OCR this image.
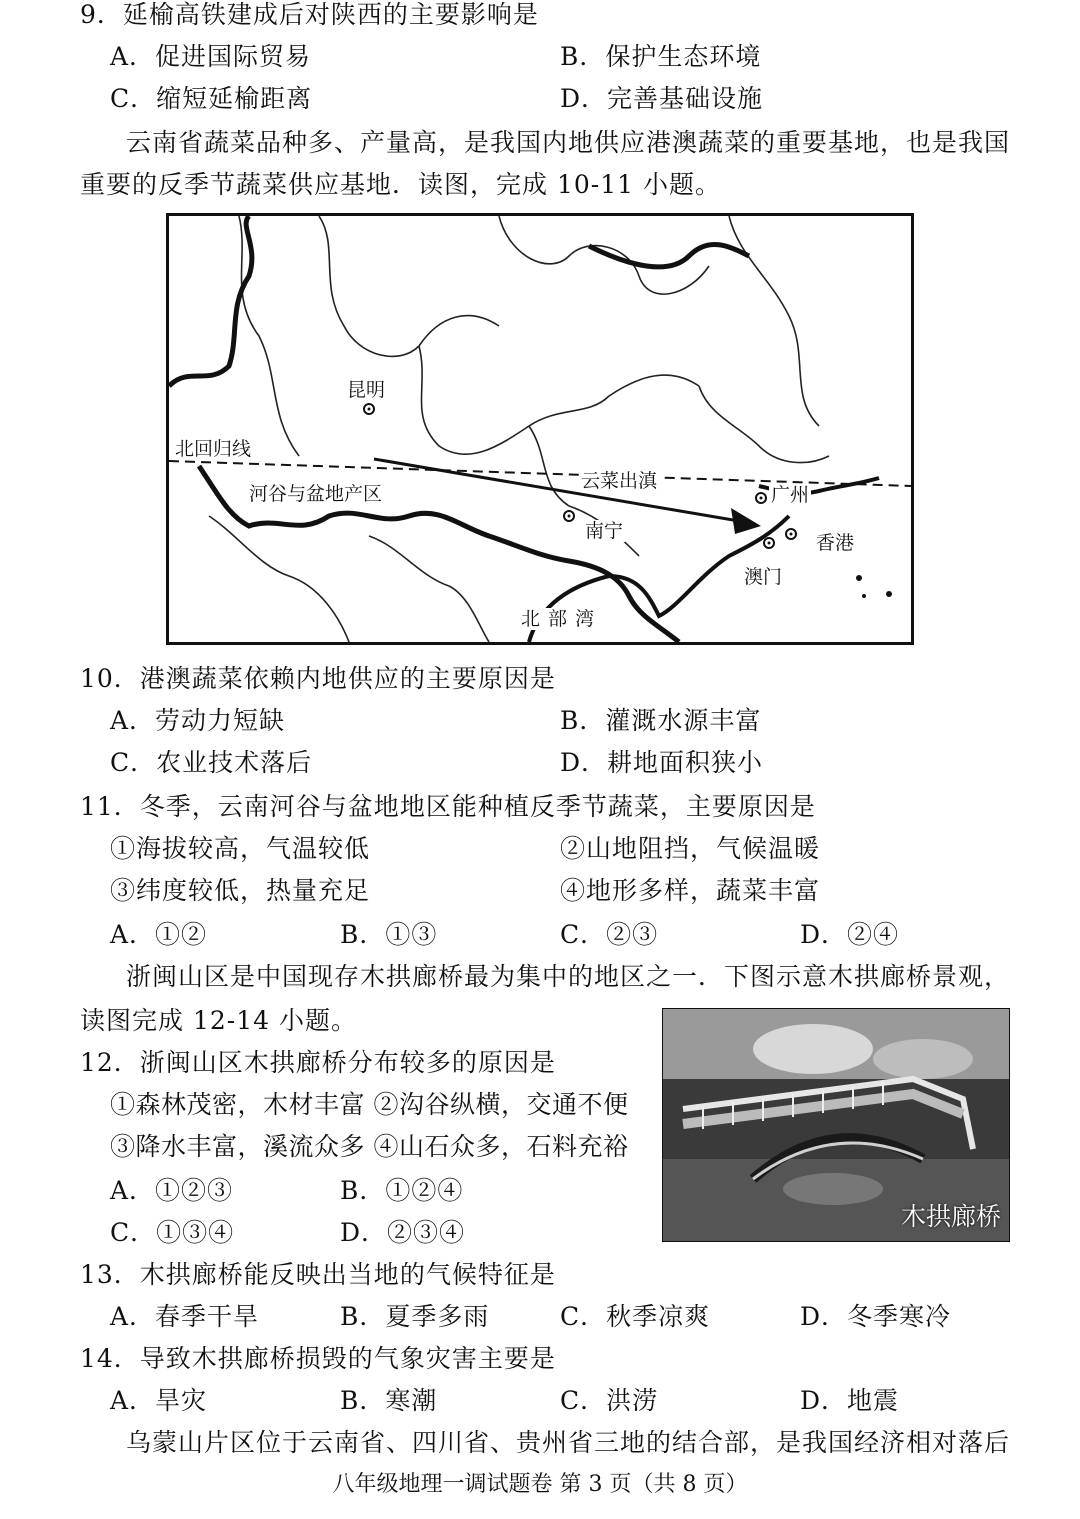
9．延榆高铁建成后对陕西的主要影响是
A．促进国际贸易	B．保护生态环境
C．缩短延榆距离	D．完善基础设施
云南省蔬菜品种多、产量高，是我国内地供应港澳蔬菜的重要基地，也是我国
重要的反季节蔬菜供应基地．读图，完成 10-11 小题。
昆明
北回归线
河谷与盆地产区
云菜出滇
广州
南宁
香港
澳门
北部湾
10．港澳蔬菜依赖内地供应的主要原因是
A．劳动力短缺	B．灌溉水源丰富
C．农业技术落后	D．耕地面积狭小
11．冬季，云南河谷与盆地地区能种植反季节蔬菜，主要原因是
①海拔较高，气温较低	②山地阻挡，气候温暖
③纬度较低，热量充足	④地形多样，蔬菜丰富
A．①②	B．①③	C．②③	D．②④
浙闽山区是中国现存木拱廊桥最为集中的地区之一．下图示意木拱廊桥景观，
读图完成 12-14 小题。
木拱廊桥
12．浙闽山区木拱廊桥分布较多的原因是
①森林茂密，木材丰富 ②沟谷纵横，交通不便
③降水丰富，溪流众多 ④山石众多，石料充裕
A．①②③	B．①②④
C．①③④	D．②③④
13．木拱廊桥能反映出当地的气候特征是
A．春季干旱	B．夏季多雨	C．秋季凉爽	D．冬季寒冷
14．导致木拱廊桥损毁的气象灾害主要是
A．旱灾	B．寒潮	C．洪涝	D．地震
乌蒙山片区位于云南省、四川省、贵州省三地的结合部，是我国经济相对落后
八年级地理一调试题卷 第 3 页（共 8 页）
